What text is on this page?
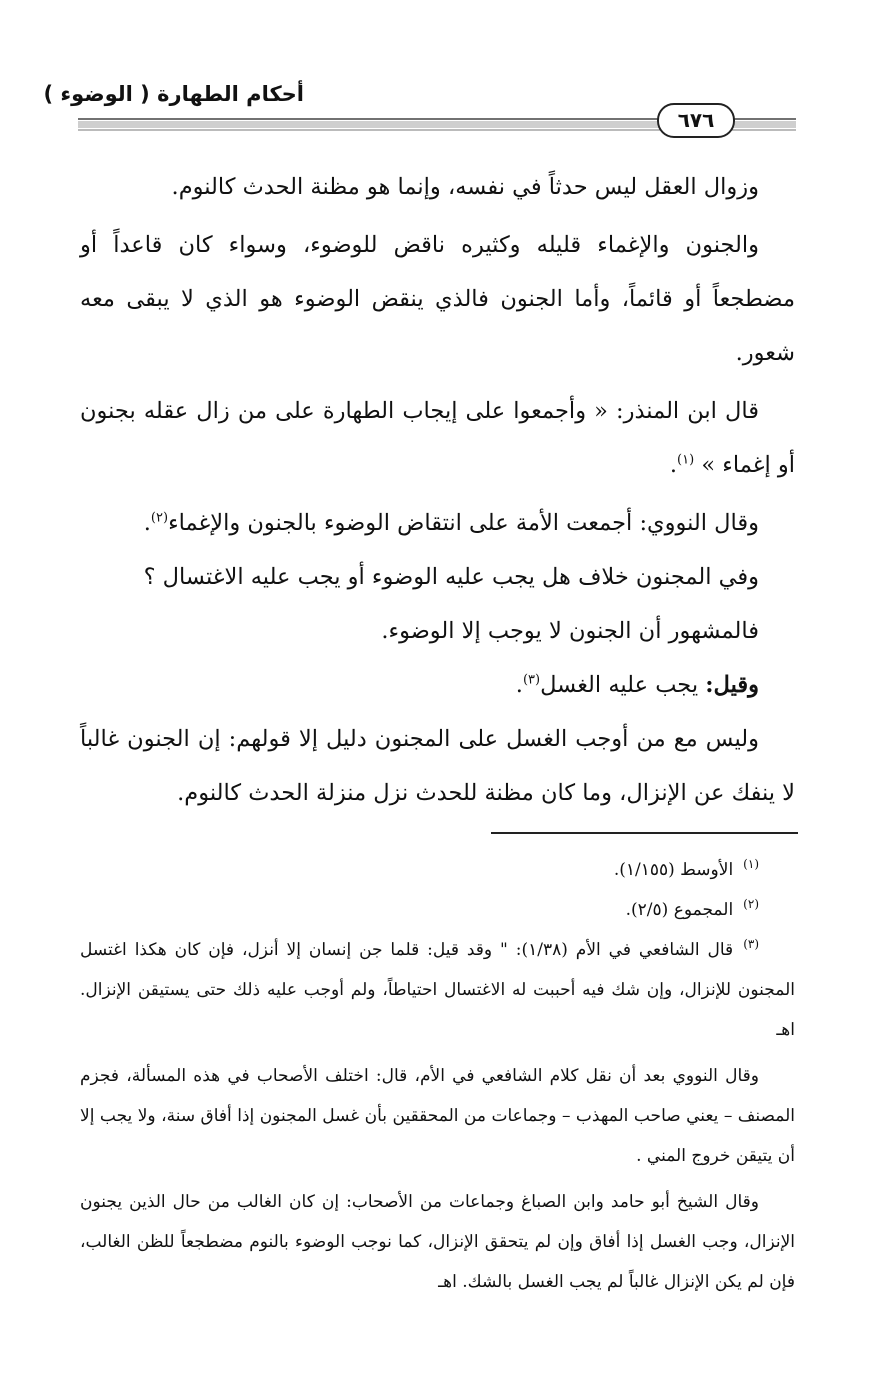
أحكام الطهارة ( الوضوء )
٦٧٦

وزوال العقل ليس حدثاً في نفسه، وإنما هو مظنة الحدث كالنوم.

والجنون والإغماء قليله وكثيره ناقض للوضوء، وسواء كان قاعداً أو مضطجعاً أو قائماً، وأما الجنون فالذي ينقض الوضوء هو الذي لا يبقى معه شعور.

قال ابن المنذر: « وأجمعوا على إيجاب الطهارة على من زال عقله بجنون أو إغماء » $^{(١)}$.

وقال النووي: أجمعت الأمة على انتقاض الوضوء بالجنون والإغماء$^{(٢)}$.

وفي المجنون خلاف هل يجب عليه الوضوء أو يجب عليه الاغتسال ؟

فالمشهور أن الجنون لا يوجب إلا الوضوء.

وقيل: يجب عليه الغسل$^{(٣)}$.

وليس مع من أوجب الغسل على المجنون دليل إلا قولهم: إن الجنون غالباً لا ينفك عن الإنزال، وما كان مظنة للحدث نزل منزلة الحدث كالنوم.

$^{(١)}$الأوسط (١/١٥٥).

$^{(٢)}$المجموع (٢/٥).

$^{(٣)}$قال الشافعي في الأم (١/٣٨): " وقد قيل: قلما جن إنسان إلا أنزل، فإن كان هكذا اغتسل المجنون للإنزال، وإن شك فيه أحببت له الاغتسال احتياطاً، ولم أوجب عليه ذلك حتى يستيقن الإنزال. اهـ

وقال النووي بعد أن نقل كلام الشافعي في الأم، قال: اختلف الأصحاب في هذه المسألة، فجزم المصنف – يعني صاحب المهذب – وجماعات من المحققين بأن غسل المجنون إذا أفاق سنة، ولا يجب إلا أن يتيقن خروج المني .

وقال الشيخ أبو حامد وابن الصباغ وجماعات من الأصحاب: إن كان الغالب من حال الذين يجنون الإنزال، وجب الغسل إذا أفاق وإن لم يتحقق الإنزال، كما نوجب الوضوء بالنوم مضطجعاً للظن الغالب، فإن لم يكن الإنزال غالباً لم يجب الغسل بالشك. اهـ
